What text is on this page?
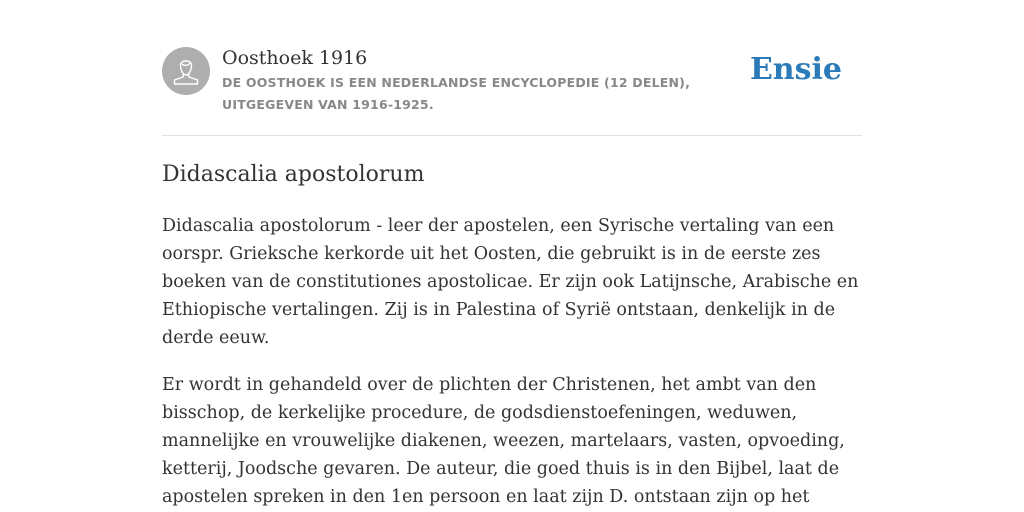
Oosthoek 1916

DE OOSTHOEK IS EEN NEDERLANDSE ENCYCLOPEDIE (12 DELEN), UITGEGEVEN VAN 1916-1925.

Ensie
Didascalia apostolorum

Didascalia apostolorum - leer der apostelen, een Syrische vertaling van een oorspr. Grieksche kerkorde uit het Oosten, die gebruikt is in de eerste zes boeken van de constitutiones apostolicae. Er zijn ook Latijnsche, Arabische en Ethiopische vertalingen. Zij is in Palestina of Syrië ontstaan, denkelijk in de derde eeuw.

Er wordt in gehandeld over de plichten der Christenen, het ambt van den bisschop, de kerkelijke procedure, de godsdienstoefeningen, weduwen, mannelijke en vrouwelijke diakenen, weezen, martelaars, vasten, opvoeding, ketterij, Joodsche gevaren. De auteur, die goed thuis is in den Bijbel, laat de apostelen spreken in den 1en persoon en laat zijn D. ontstaan zijn op het
